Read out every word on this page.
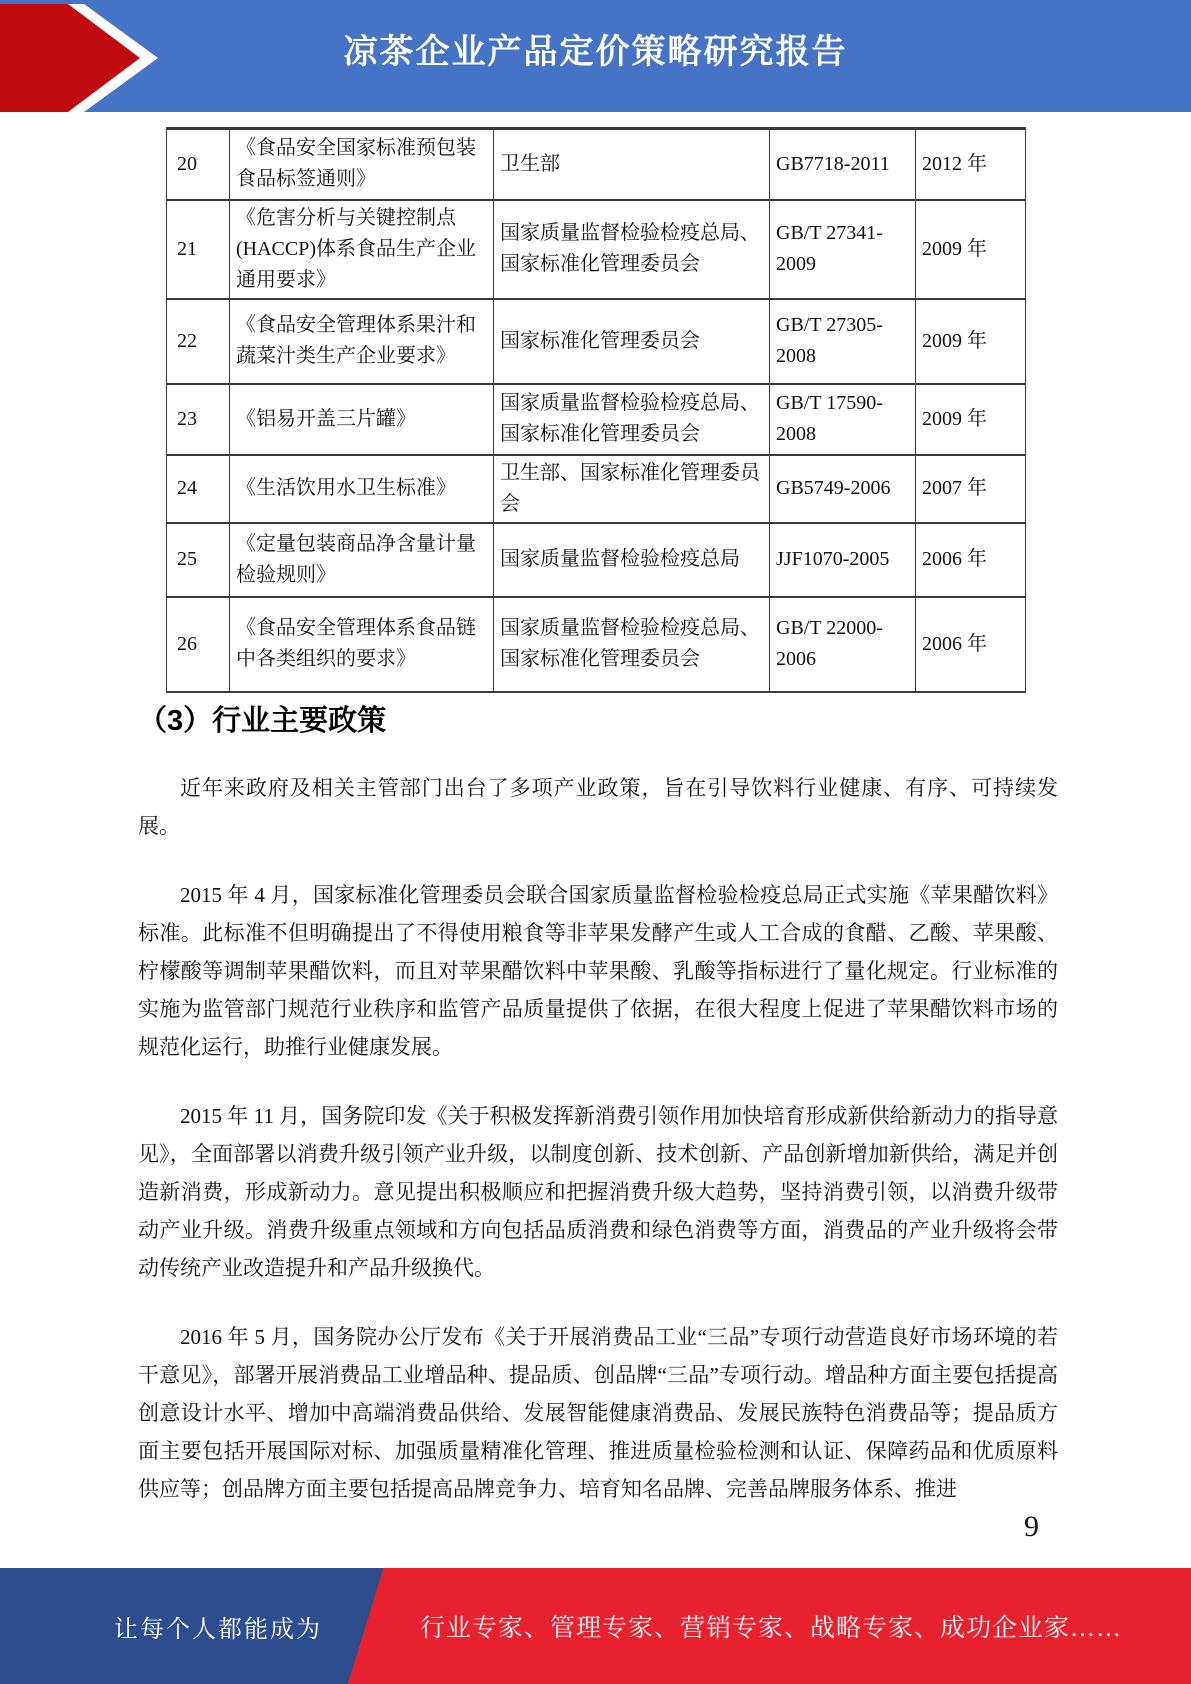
凉茶企业产品定价策略研究报告
20	《食品安全国家标准预包装食品标签通则》	卫生部	GB7718-2011	2012 年
21	《危害分析与关键控制点(HACCP)体系食品生产企业通用要求》	国家质量监督检验检疫总局、国家标准化管理委员会	GB/T 27341-2009	2009 年
22	《食品安全管理体系果汁和蔬菜汁类生产企业要求》	国家标准化管理委员会	GB/T 27305-2008	2009 年
23	《铝易开盖三片罐》	国家质量监督检验检疫总局、国家标准化管理委员会	GB/T 17590-2008	2009 年
24	《生活饮用水卫生标准》	卫生部、国家标准化管理委员会	GB5749-2006	2007 年
25	《定量包装商品净含量计量检验规则》	国家质量监督检验检疫总局	JJF1070-2005	2006 年
26	《食品安全管理体系食品链中各类组织的要求》	国家质量监督检验检疫总局、国家标准化管理委员会	GB/T 22000-2006	2006 年
（3）行业主要政策

近年来政府及相关主管部门出台了多项产业政策，旨在引导饮料行业健康、有序、可持续发展。

2015 年 4 月，国家标准化管理委员会联合国家质量监督检验检疫总局正式实施《苹果醋饮料》标准。此标准不但明确提出了不得使用粮食等非苹果发酵产生或人工合成的食醋、乙酸、苹果酸、柠檬酸等调制苹果醋饮料，而且对苹果醋饮料中苹果酸、乳酸等指标进行了量化规定。行业标准的实施为监管部门规范行业秩序和监管产品质量提供了依据，在很大程度上促进了苹果醋饮料市场的规范化运行，助推行业健康发展。

2015 年 11 月，国务院印发《关于积极发挥新消费引领作用加快培育形成新供给新动力的指导意见》，全面部署以消费升级引领产业升级，以制度创新、技术创新、产品创新增加新供给，满足并创造新消费，形成新动力。意见提出积极顺应和把握消费升级大趋势，坚持消费引领，以消费升级带动产业升级。消费升级重点领域和方向包括品质消费和绿色消费等方面，消费品的产业升级将会带动传统产业改造提升和产品升级换代。

2016 年 5 月，国务院办公厅发布《关于开展消费品工业“三品”专项行动营造良好市场环境的若干意见》，部署开展消费品工业增品种、提品质、创品牌“三品”专项行动。增品种方面主要包括提高创意设计水平、增加中高端消费品供给、发展智能健康消费品、发展民族特色消费品等；提品质方面主要包括开展国际对标、加强质量精准化管理、推进质量检验检测和认证、保障药品和优质原料供应等；创品牌方面主要包括提高品牌竞争力、培育知名品牌、完善品牌服务体系、推进

9
让每个人都能成为	行业专家、管理专家、营销专家、战略专家、成功企业家……
